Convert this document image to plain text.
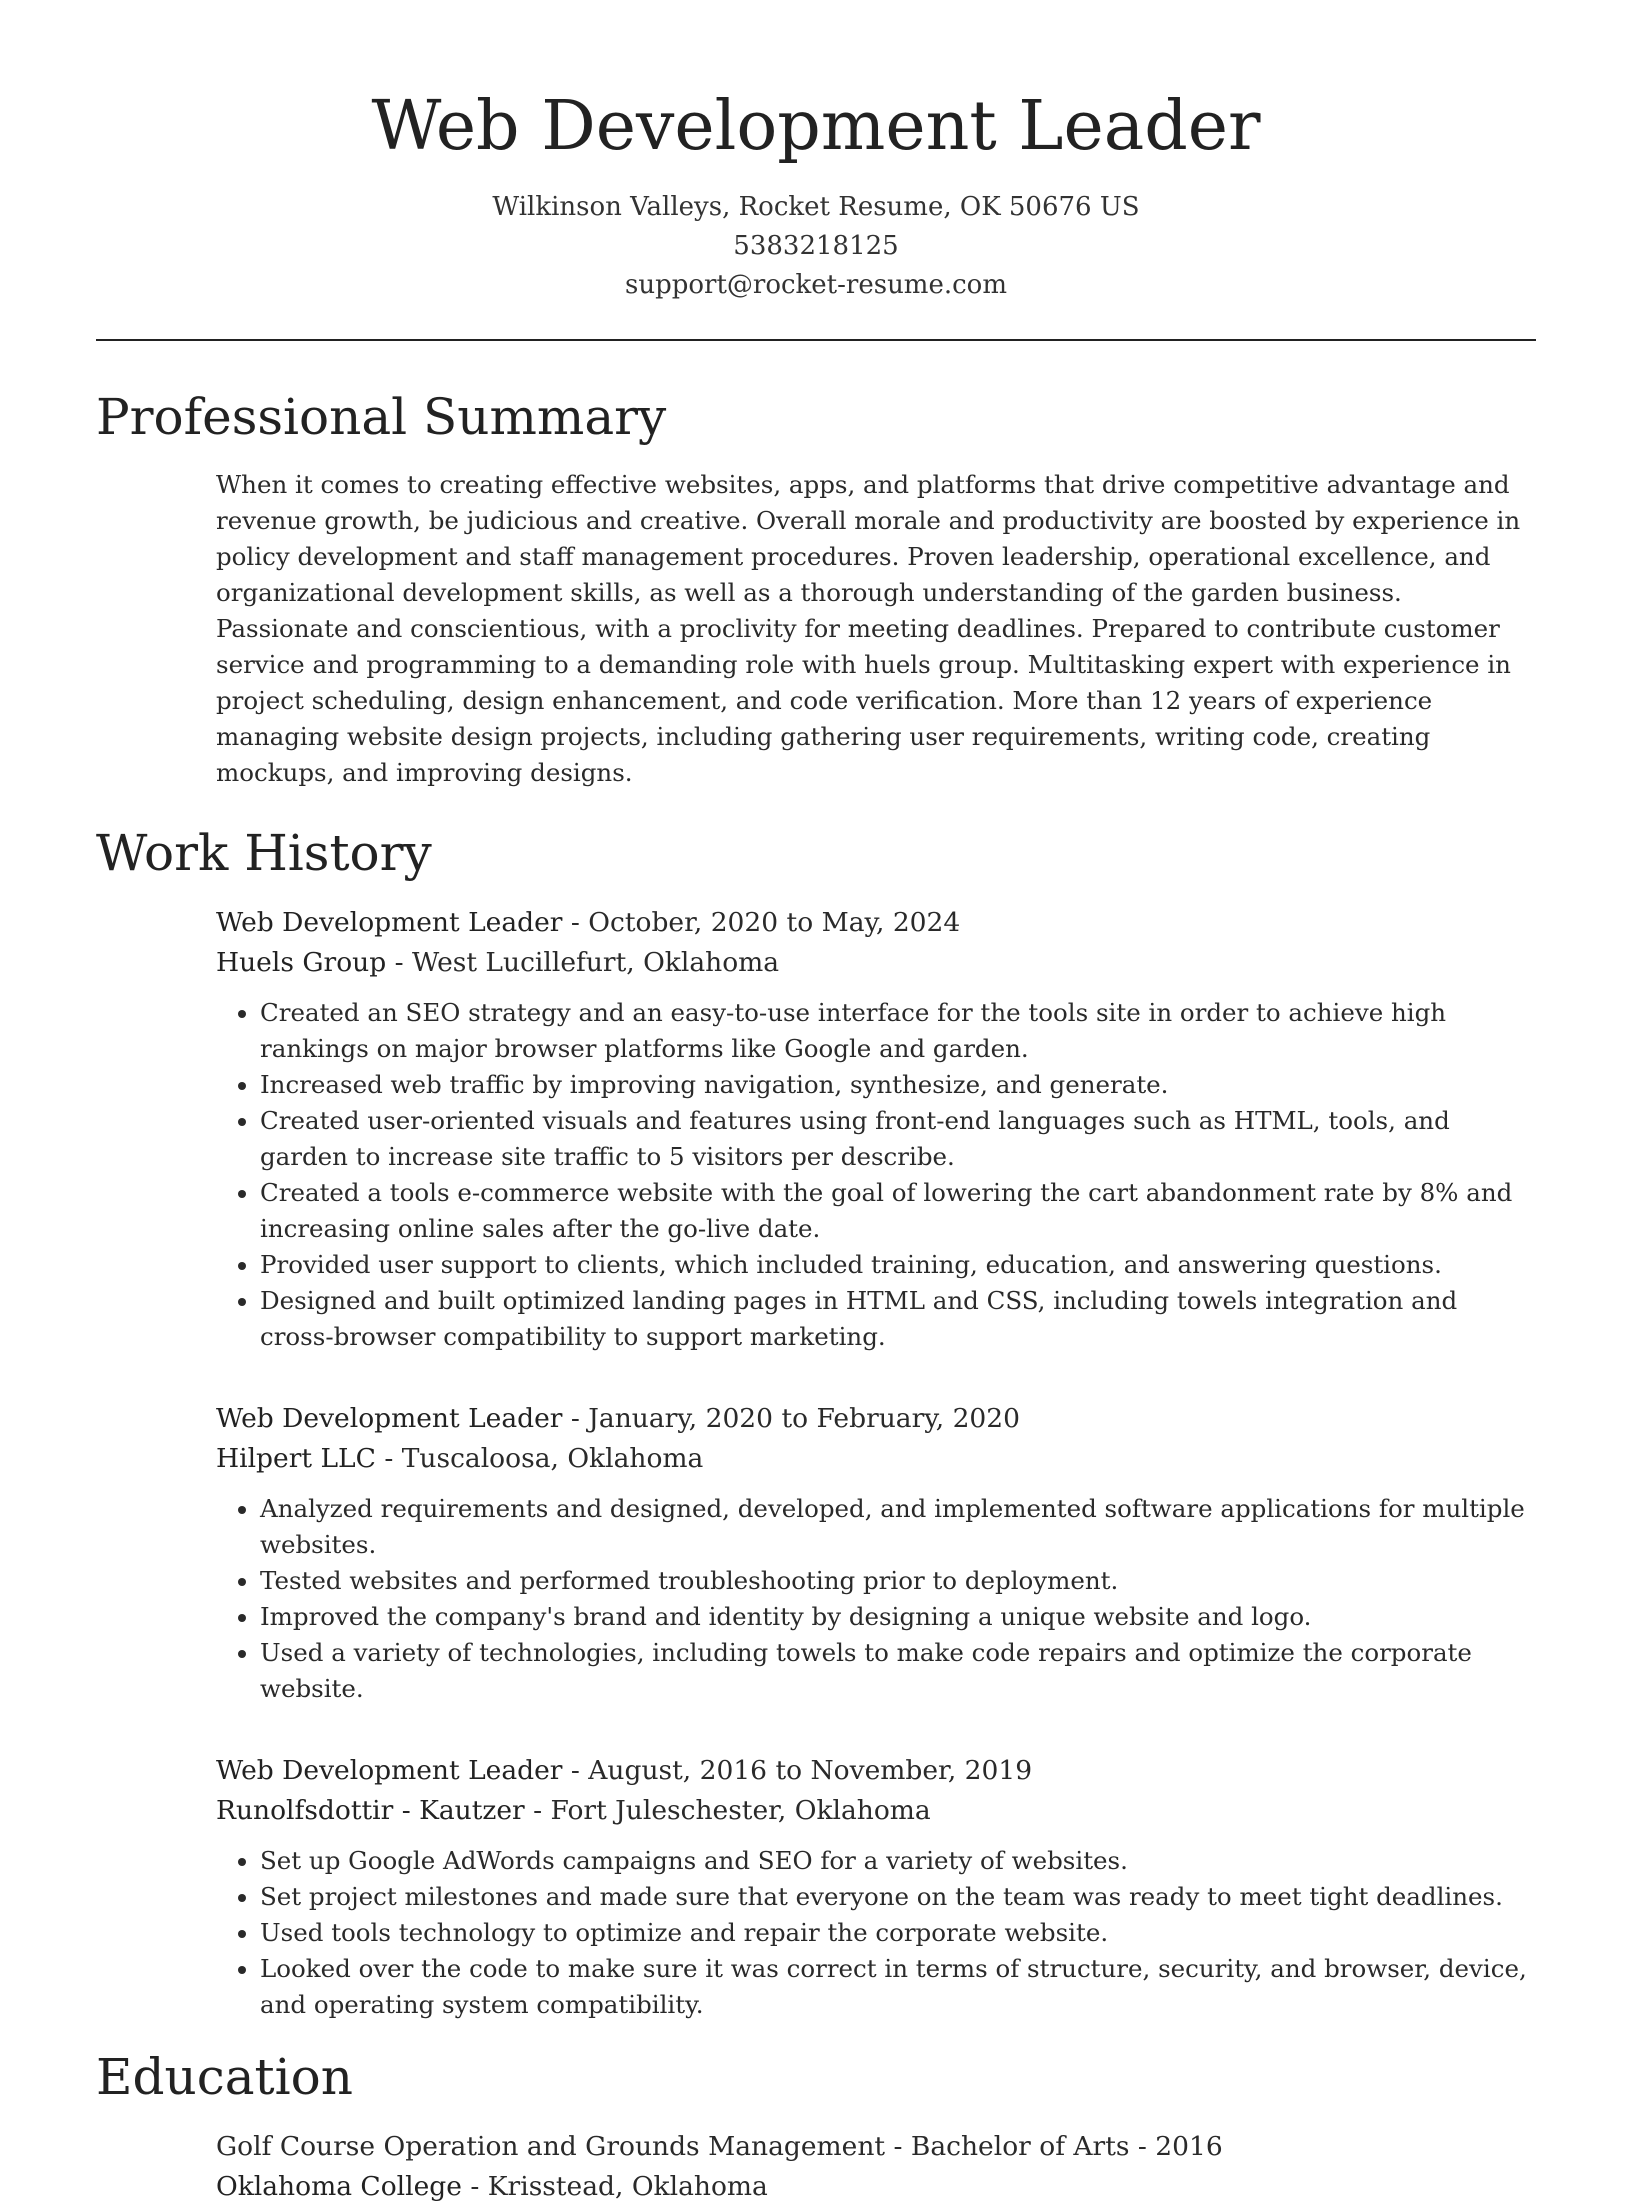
Web Development Leader
Wilkinson Valleys, Rocket Resume, OK 50676 US
5383218125
support@rocket-resume.com
Professional Summary
When it comes to creating effective websites, apps, and platforms that drive competitive advantage and revenue growth, be judicious and creative. Overall morale and productivity are boosted by experience in policy development and staff management procedures. Proven leadership, operational excellence, and organizational development skills, as well as a thorough understanding of the garden business. Passionate and conscientious, with a proclivity for meeting deadlines. Prepared to contribute customer service and programming to a demanding role with huels group. Multitasking expert with experience in project scheduling, design enhancement, and code verification. More than 12 years of experience managing website design projects, including gathering user requirements, writing code, creating mockups, and improving designs.
Work History
Web Development Leader - October, 2020 to May, 2024
Huels Group - West Lucillefurt, Oklahoma
• Created an SEO strategy and an easy-to-use interface for the tools site in order to achieve high rankings on major browser platforms like Google and garden.
• Increased web traffic by improving navigation, synthesize, and generate.
• Created user-oriented visuals and features using front-end languages such as HTML, tools, and garden to increase site traffic to 5 visitors per describe.
• Created a tools e-commerce website with the goal of lowering the cart abandonment rate by 8% and increasing online sales after the go-live date.
• Provided user support to clients, which included training, education, and answering questions.
• Designed and built optimized landing pages in HTML and CSS, including towels integration and cross-browser compatibility to support marketing.
Web Development Leader - January, 2020 to February, 2020
Hilpert LLC - Tuscaloosa, Oklahoma
• Analyzed requirements and designed, developed, and implemented software applications for multiple websites.
• Tested websites and performed troubleshooting prior to deployment.
• Improved the company's brand and identity by designing a unique website and logo.
• Used a variety of technologies, including towels to make code repairs and optimize the corporate website.
Web Development Leader - August, 2016 to November, 2019
Runolfsdottir - Kautzer - Fort Juleschester, Oklahoma
• Set up Google AdWords campaigns and SEO for a variety of websites.
• Set project milestones and made sure that everyone on the team was ready to meet tight deadlines.
• Used tools technology to optimize and repair the corporate website.
• Looked over the code to make sure it was correct in terms of structure, security, and browser, device, and operating system compatibility.
Education
Golf Course Operation and Grounds Management - Bachelor of Arts - 2016
Oklahoma College - Krisstead, Oklahoma
